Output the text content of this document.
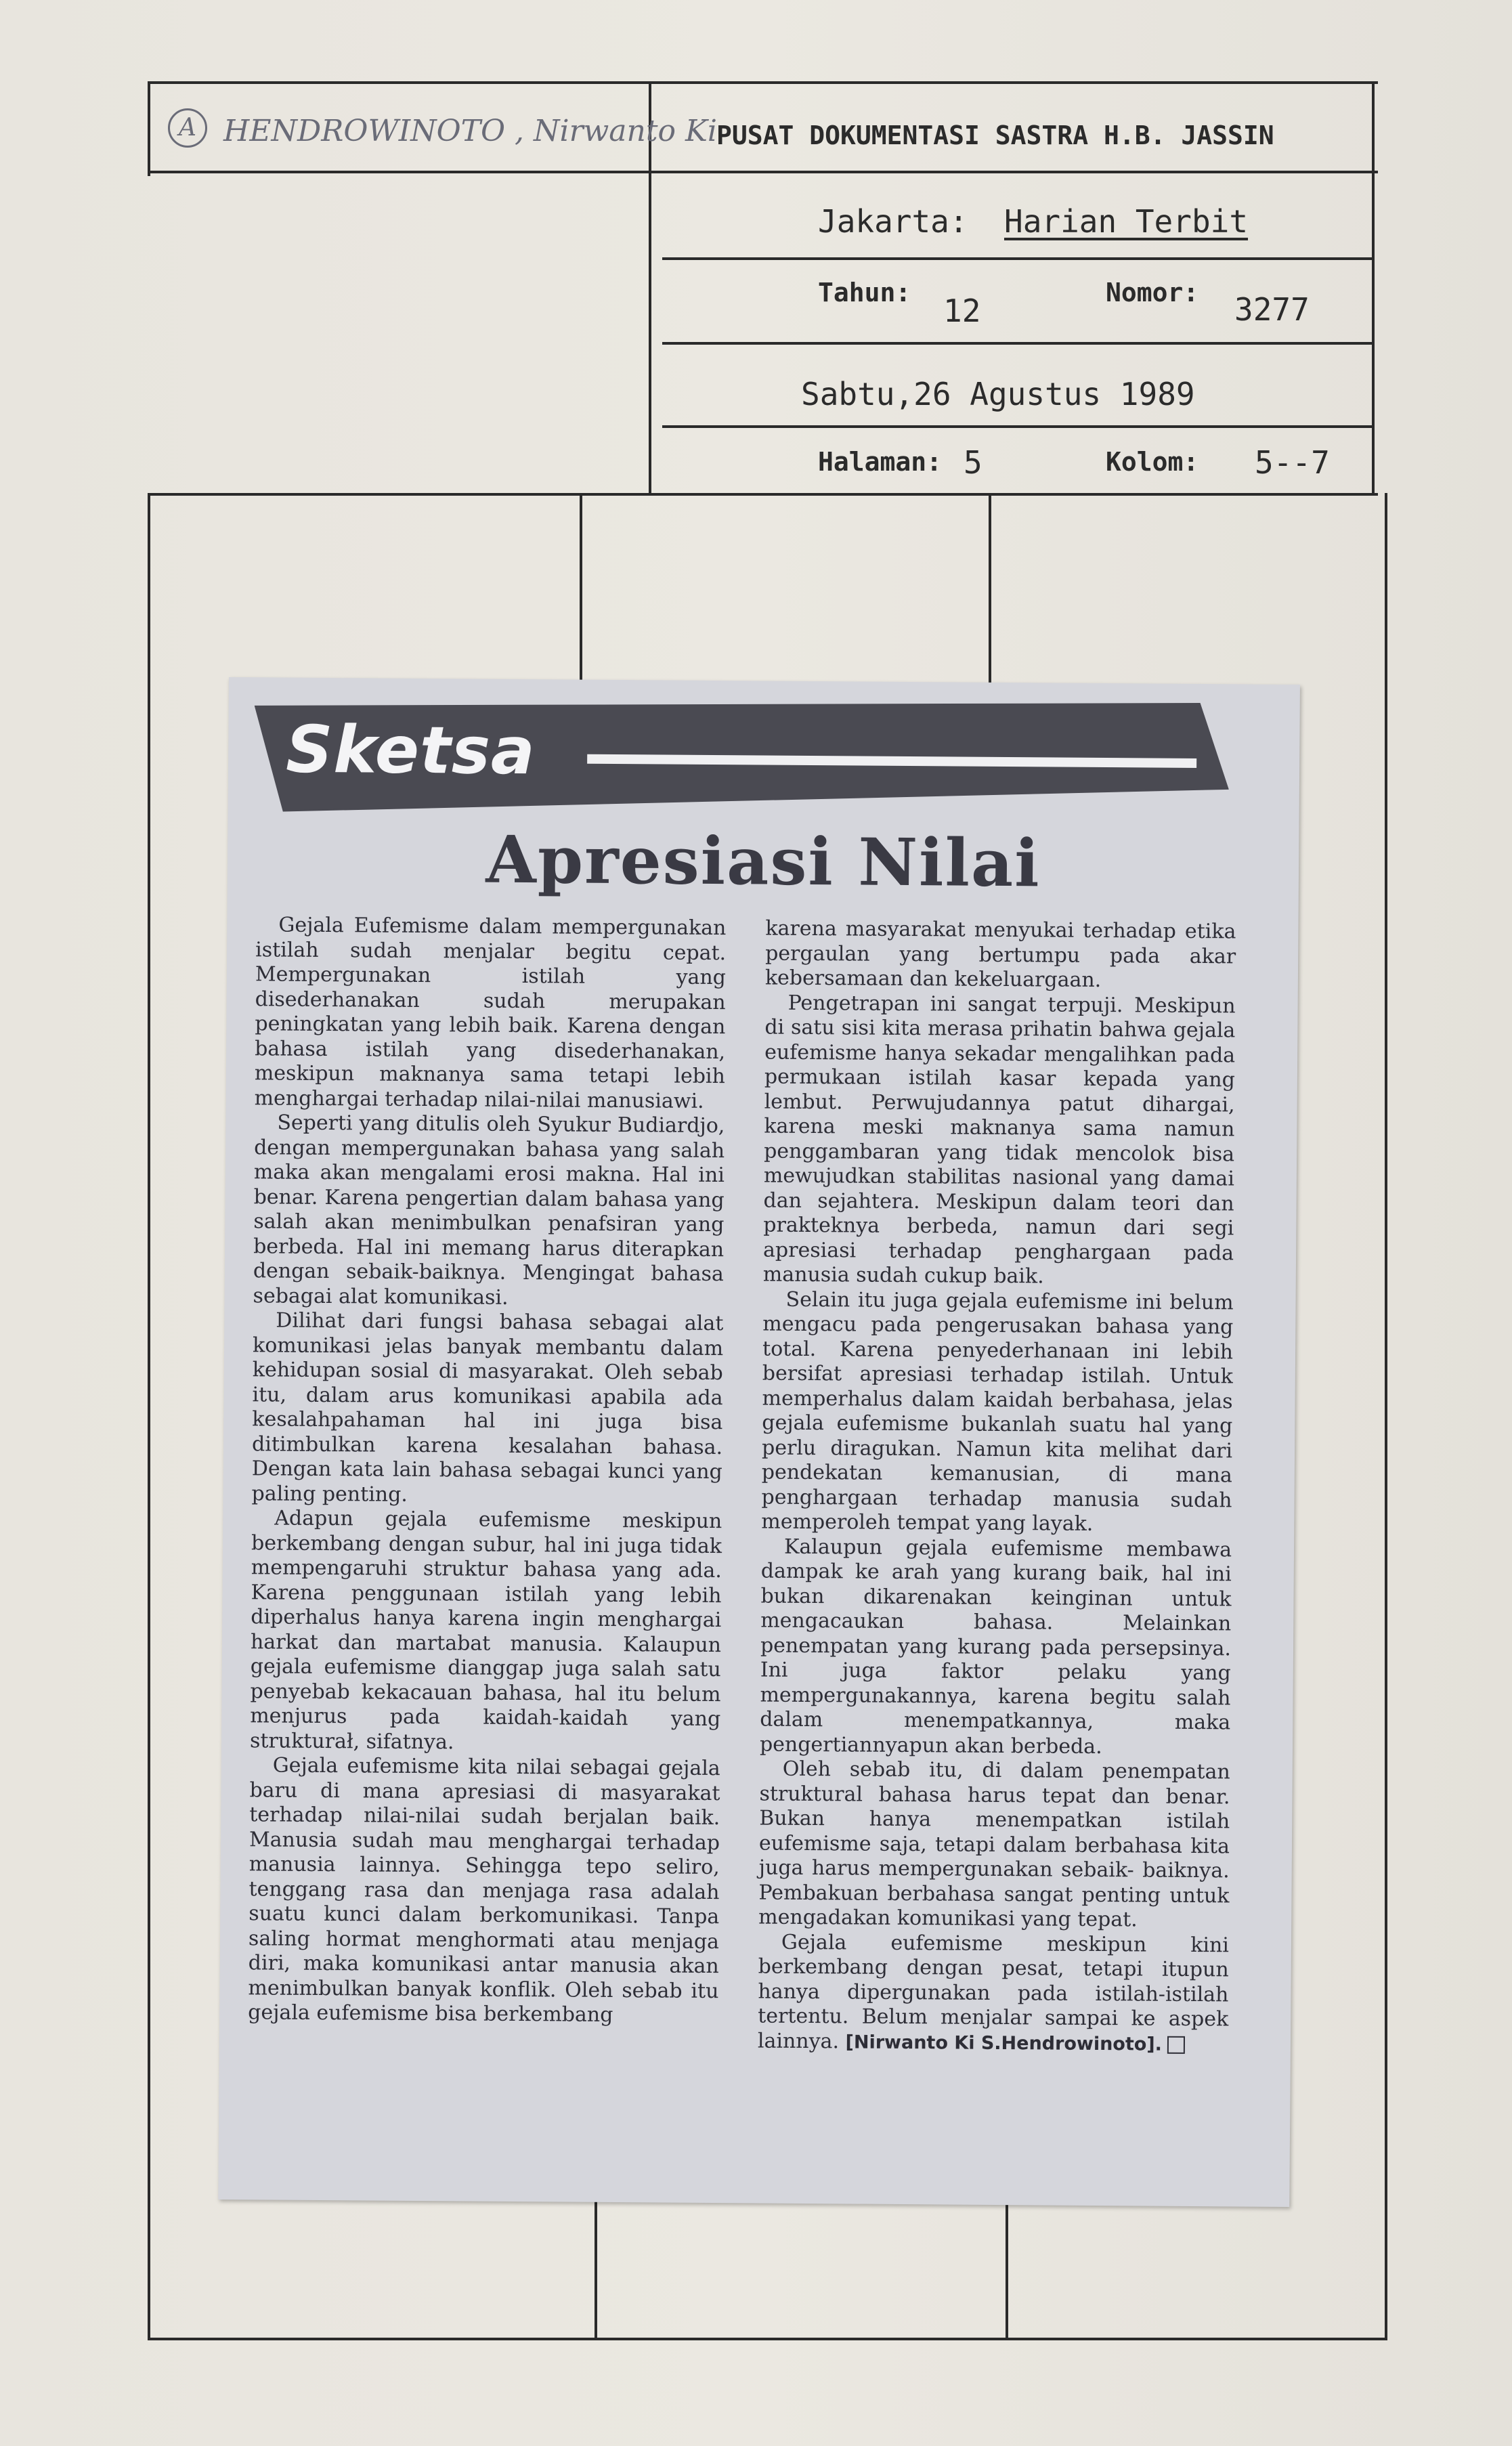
A HENDROWINOTO , Nirwanto Ki PUSAT DOKUMENTASI SASTRA H.B. JASSIN
Jakarta: Harian Terbit
Tahun: 12	Nomor: 3277
Sabtu,26 Agustus 1989
Halaman: 5	Kolom: 5--7
Sketsa
Apresiasi Nilai

Gejala Eufemisme dalam mempergunakan istilah sudah menjalar begitu cepat. Mempergunakan istilah yang disederhanakan sudah merupakan peningkatan yang lebih baik. Karena dengan bahasa istilah yang disederhanakan, meskipun maknanya sama tetapi lebih menghargai terhadap nilai-nilai manusiawi.

Seperti yang ditulis oleh Syukur Budiardjo, dengan mempergunakan bahasa yang salah maka akan mengalami erosi makna. Hal ini benar. Karena pengertian dalam bahasa yang salah akan menimbulkan penafsiran yang berbeda. Hal ini memang harus diterapkan dengan sebaik-baiknya. Mengingat bahasa sebagai alat komunikasi.

Dilihat dari fungsi bahasa sebagai alat komunikasi jelas banyak membantu dalam kehidupan sosial di masyarakat. Oleh sebab itu, dalam arus komunikasi apabila ada kesalahpahaman hal ini juga bisa ditimbulkan karena kesalahan bahasa. Dengan kata lain bahasa sebagai kunci yang paling penting.

Adapun gejala eufemisme meskipun berkembang dengan subur, hal ini juga tidak mempengaruhi struktur bahasa yang ada. Karena penggunaan istilah yang lebih diperhalus hanya karena ingin menghargai harkat dan martabat manusia. Kalaupun gejala eufemisme dianggap juga salah satu penyebab kekacauan bahasa, hal itu belum menjurus pada kaidah-kaidah yang strukturał, sifatnya.

Gejala eufemisme kita nilai sebagai gejala baru di mana apresiasi di masyarakat terhadap nilai-nilai sudah berjalan baik. Manusia sudah mau menghargai terhadap manusia lainnya. Sehingga tepo seliro, tenggang rasa dan menjaga rasa adalah suatu kunci dalam berkomunikasi. Tanpa saling hormat menghormati atau menjaga diri, maka komunikasi antar manusia akan menimbulkan banyak konflik. Oleh sebab itu gejala eufemisme bisa berkembang

karena masyarakat menyukai terhadap etika pergaulan yang bertumpu pada akar kebersamaan dan kekeluargaan.

Pengetrapan ini sangat terpuji. Meskipun di satu sisi kita merasa prihatin bahwa gejala eufemisme hanya sekadar mengalihkan pada permukaan istilah kasar kepada yang lembut. Perwujudannya patut dihargai, karena meski maknanya sama namun penggambaran yang tidak mencolok bisa mewujudkan stabilitas nasional yang damai dan sejahtera. Meskipun dalam teori dan prakteknya berbeda, namun dari segi apresiasi terhadap penghargaan pada manusia sudah cukup baik.

Selain itu juga gejala eufemisme ini belum mengacu pada pengerusakan bahasa yang total. Karena penyederhanaan ini lebih bersifat apresiasi terhadap istilah. Untuk memperhalus dalam kaidah berbahasa, jelas gejala eufemisme bukanlah suatu hal yang perlu diragukan. Namun kita melihat dari pendekatan kemanusian, di mana penghargaan terhadap manusia sudah memperoleh tempat yang layak.

Kalaupun gejala eufemisme membawa dampak ke arah yang kurang baik, hal ini bukan dikarenakan keinginan untuk mengacaukan bahasa. Melainkan penempatan yang kurang pada persepsinya. Ini juga faktor pelaku yang mempergunakannya, karena begitu salah dalam menempatkannya, maka pengertiannyapun akan berbeda.

Oleh sebab itu, di dalam penempatan struktural bahasa harus tepat dan benar. Bukan hanya menempatkan istilah eufemisme saja, tetapi dalam berbahasa kita juga harus mempergunakan sebaik- baiknya. Pembakuan berbahasa sangat penting untuk mengadakan komunikasi yang tepat.

Gejala eufemisme meskipun kini berkembang dengan pesat, tetapi itupun hanya dipergunakan pada istilah-istilah tertentu. Belum menjalar sampai ke aspek lainnya. [Nirwanto Ki S.Hendrowinoto].
